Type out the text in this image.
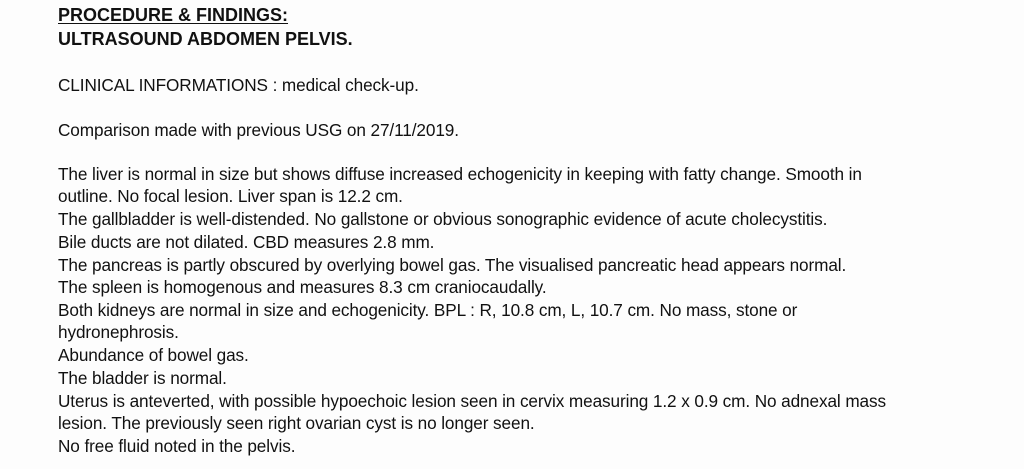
PROCEDURE & FINDINGS:
ULTRASOUND ABDOMEN PELVIS.
CLINICAL INFORMATIONS : medical check-up.
Comparison made with previous USG on 27/11/2019.
The liver is normal in size but shows diffuse increased echogenicity in keeping with fatty change. Smooth in
outline. No focal lesion. Liver span is 12.2 cm.
The gallbladder is well-distended. No gallstone or obvious sonographic evidence of acute cholecystitis.
Bile ducts are not dilated. CBD measures 2.8 mm.
The pancreas is partly obscured by overlying bowel gas. The visualised pancreatic head appears normal.
The spleen is homogenous and measures 8.3 cm craniocaudally.
Both kidneys are normal in size and echogenicity. BPL : R, 10.8 cm, L, 10.7 cm. No mass, stone or
hydronephrosis.
Abundance of bowel gas.
The bladder is normal.
Uterus is anteverted, with possible hypoechoic lesion seen in cervix measuring 1.2 x 0.9 cm. No adnexal mass
lesion. The previously seen right ovarian cyst is no longer seen.
No free fluid noted in the pelvis.
